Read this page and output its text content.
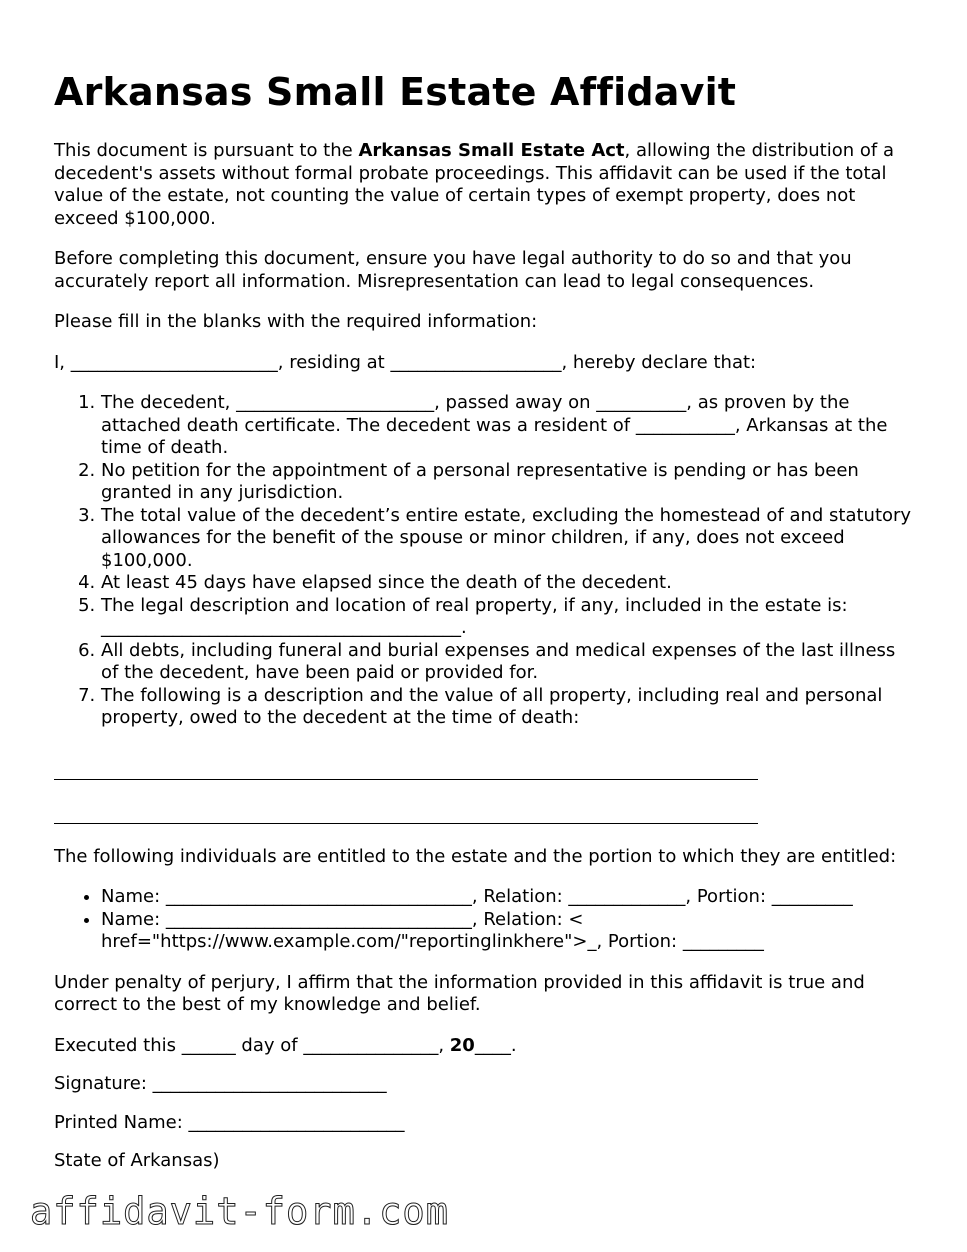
Arkansas Small Estate Affidavit

This document is pursuant to the Arkansas Small Estate Act, allowing the distribution of a decedent's assets without formal probate proceedings. This affidavit can be used if the total value of the estate, not counting the value of certain types of exempt property, does not exceed $100,000.

Before completing this document, ensure you have legal authority to do so and that you accurately report all information. Misrepresentation can lead to legal consequences.

Please fill in the blanks with the required information:

I, _______________________, residing at ___________________, hereby declare that:

1. The decedent, ______________________, passed away on __________, as proven by the attached death certificate. The decedent was a resident of ___________, Arkansas at the time of death.
2. No petition for the appointment of a personal representative is pending or has been granted in any jurisdiction.
3. The total value of the decedent’s entire estate, excluding the homestead of and statutory allowances for the benefit of the spouse or minor children, if any, does not exceed $100,000.
4. At least 45 days have elapsed since the death of the decedent.
5. The legal description and location of real property, if any, included in the estate is: ________________________________________.
6. All debts, including funeral and burial expenses and medical expenses of the last illness of the decedent, have been paid or provided for.
7. The following is a description and the value of all property, including real and personal property, owed to the decedent at the time of death:

The following individuals are entitled to the estate and the portion to which they are entitled:

• Name: __________________________________, Relation: _____________, Portion: _________
• Name: __________________________________, Relation: < href="https://www.example.com/"reportinglinkhere">_, Portion: _________

Under penalty of perjury, I affirm that the information provided in this affidavit is true and correct to the best of my knowledge and belief.

Executed this ______ day of _______________, 20____.

Signature: __________________________

Printed Name: ________________________

State of Arkansas)

affidavit-form.com
